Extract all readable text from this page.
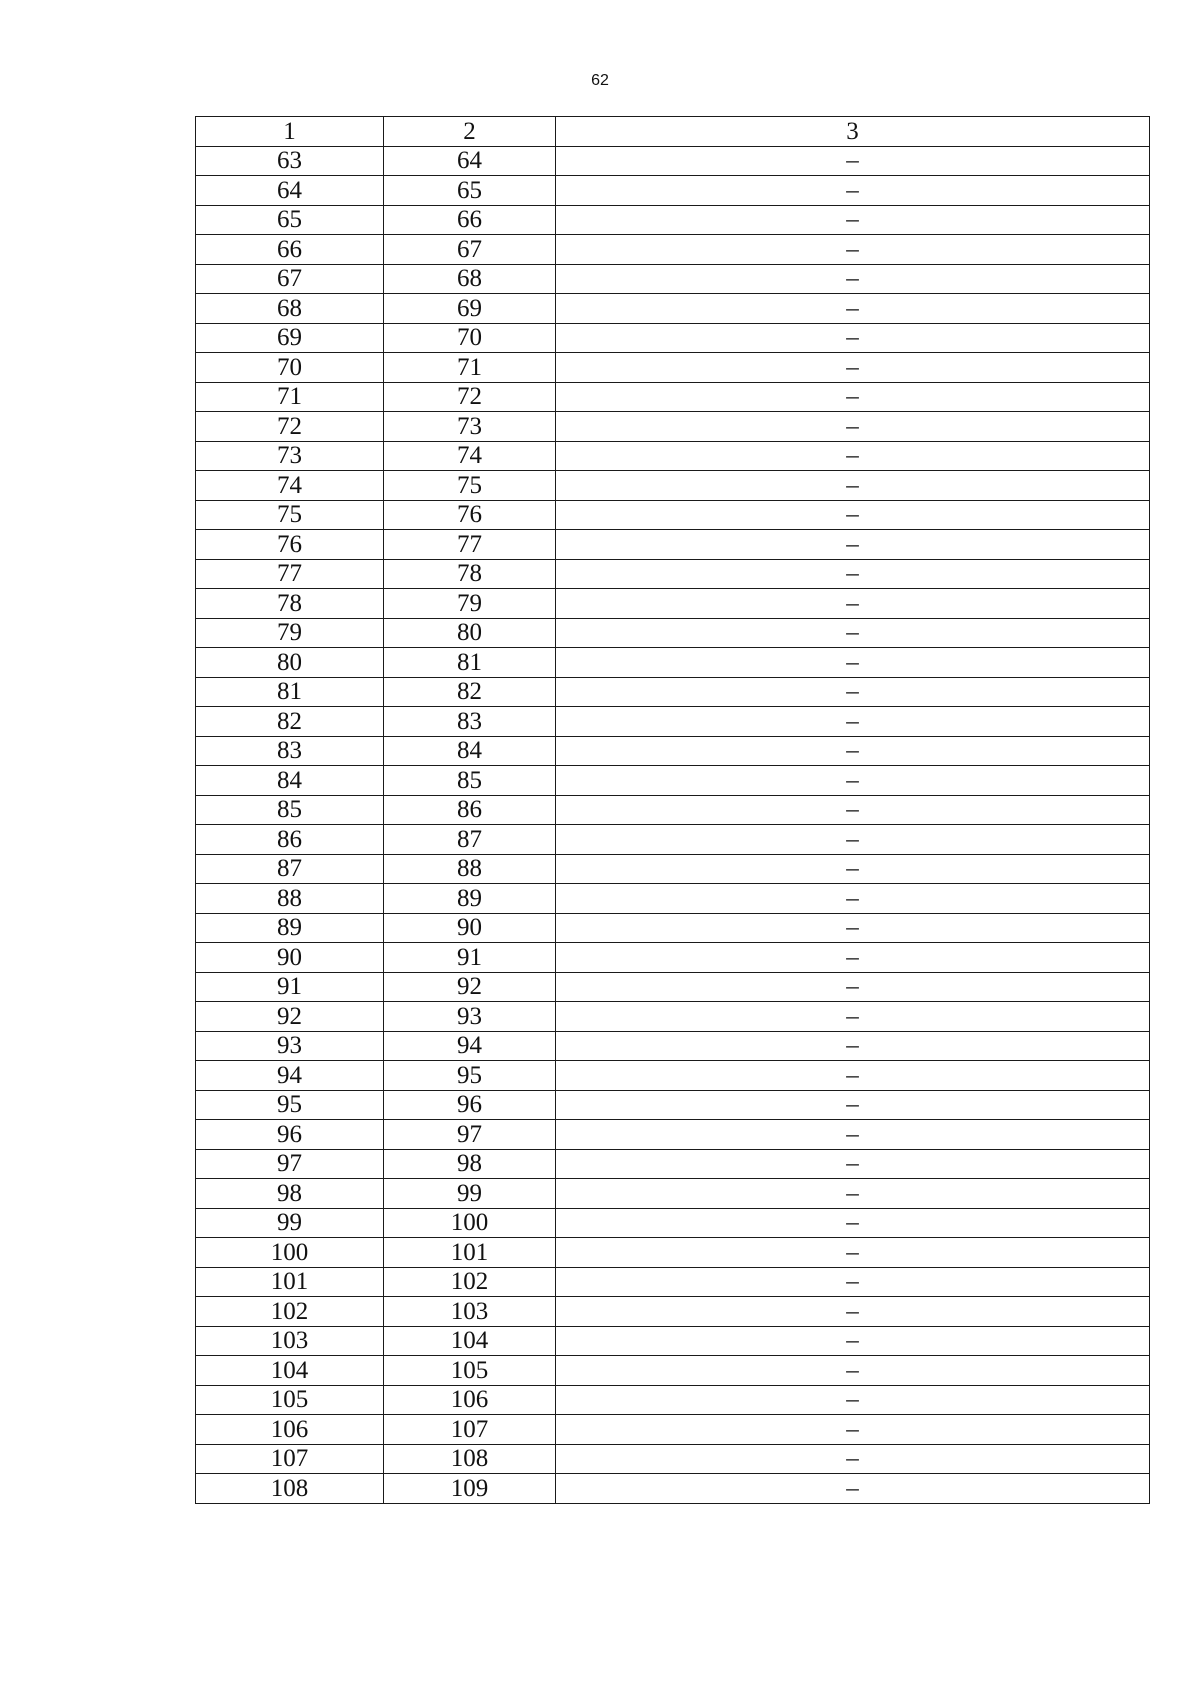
62
1	2	3
63	64	–
64	65	–
65	66	–
66	67	–
67	68	–
68	69	–
69	70	–
70	71	–
71	72	–
72	73	–
73	74	–
74	75	–
75	76	–
76	77	–
77	78	–
78	79	–
79	80	–
80	81	–
81	82	–
82	83	–
83	84	–
84	85	–
85	86	–
86	87	–
87	88	–
88	89	–
89	90	–
90	91	–
91	92	–
92	93	–
93	94	–
94	95	–
95	96	–
96	97	–
97	98	–
98	99	–
99	100	–
100	101	–
101	102	–
102	103	–
103	104	–
104	105	–
105	106	–
106	107	–
107	108	–
108	109	–
